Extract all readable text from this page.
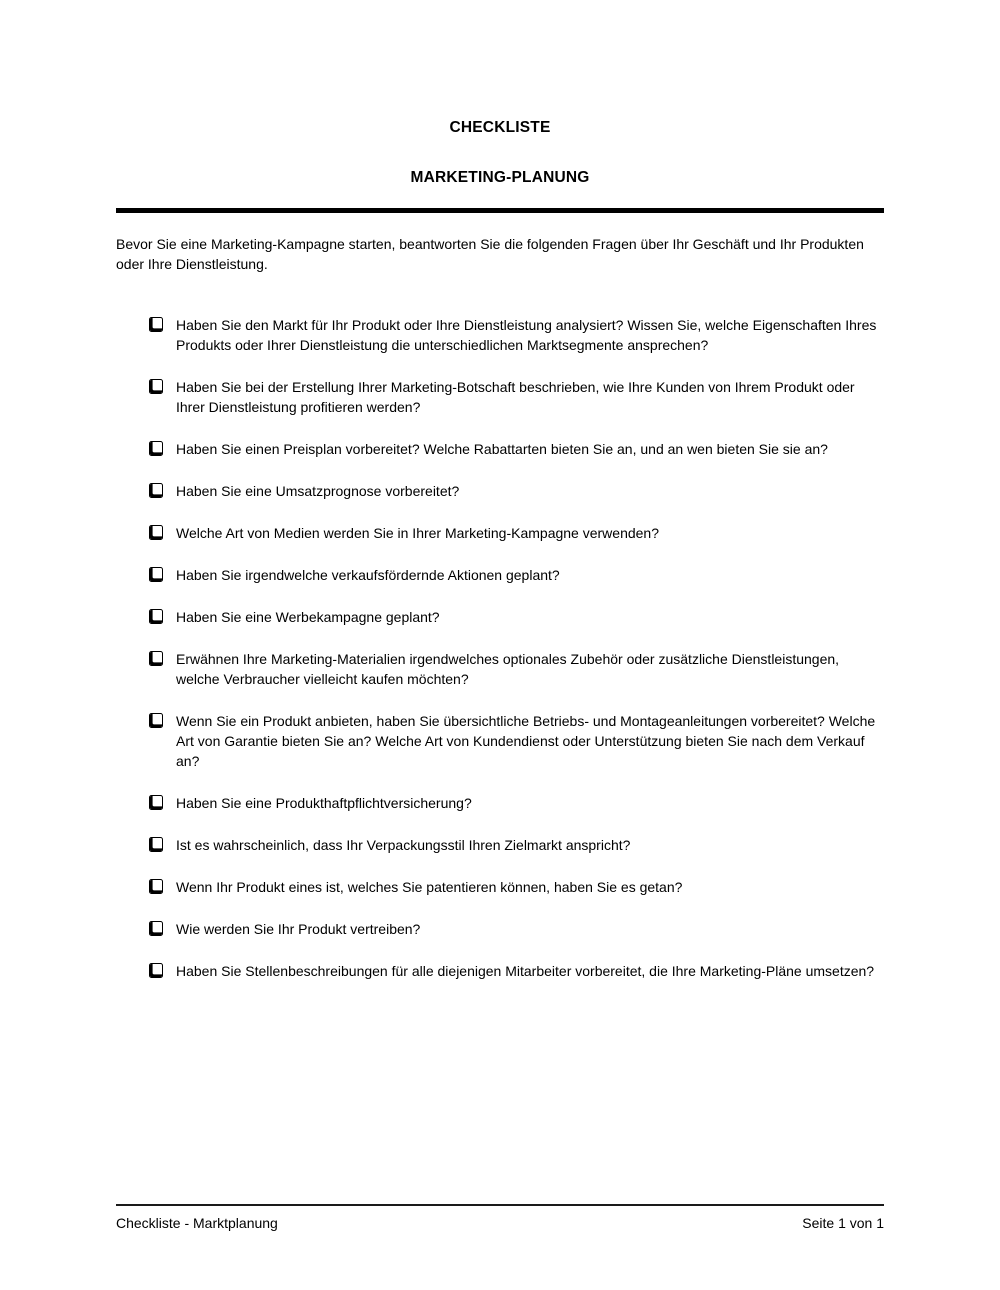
CHECKLISTE
MARKETING-PLANUNG

Bevor Sie eine Marketing-Kampagne starten, beantworten Sie die folgenden Fragen über Ihr Geschäft und Ihr Produkten oder Ihre Dienstleistung.

Haben Sie den Markt für Ihr Produkt oder Ihre Dienstleistung analysiert? Wissen Sie, welche Eigenschaften Ihres Produkts oder Ihrer Dienstleistung die unterschiedlichen Marktsegmente ansprechen?
Haben Sie bei der Erstellung Ihrer Marketing-Botschaft beschrieben, wie Ihre Kunden von Ihrem Produkt oder Ihrer Dienstleistung profitieren werden?
Haben Sie einen Preisplan vorbereitet? Welche Rabattarten bieten Sie an, und an wen bieten Sie sie an?
Haben Sie eine Umsatzprognose vorbereitet?
Welche Art von Medien werden Sie in Ihrer Marketing-Kampagne verwenden?
Haben Sie irgendwelche verkaufsfördernde Aktionen geplant?
Haben Sie eine Werbekampagne geplant?
Erwähnen Ihre Marketing-Materialien irgendwelches optionales Zubehör oder zusätzliche Dienstleistungen, welche Verbraucher vielleicht kaufen möchten?
Wenn Sie ein Produkt anbieten, haben Sie übersichtliche Betriebs- und Montageanleitungen vorbereitet? Welche Art von Garantie bieten Sie an? Welche Art von Kundendienst oder Unterstützung bieten Sie nach dem Verkauf an?
Haben Sie eine Produkthaftpflichtversicherung?
Ist es wahrscheinlich, dass Ihr Verpackungsstil Ihren Zielmarkt anspricht?
Wenn Ihr Produkt eines ist, welches Sie patentieren können, haben Sie es getan?
Wie werden Sie Ihr Produkt vertreiben?
Haben Sie Stellenbeschreibungen für alle diejenigen Mitarbeiter vorbereitet, die Ihre Marketing-Pläne umsetzen?
Checkliste - Marktplanung	Seite 1 von 1
